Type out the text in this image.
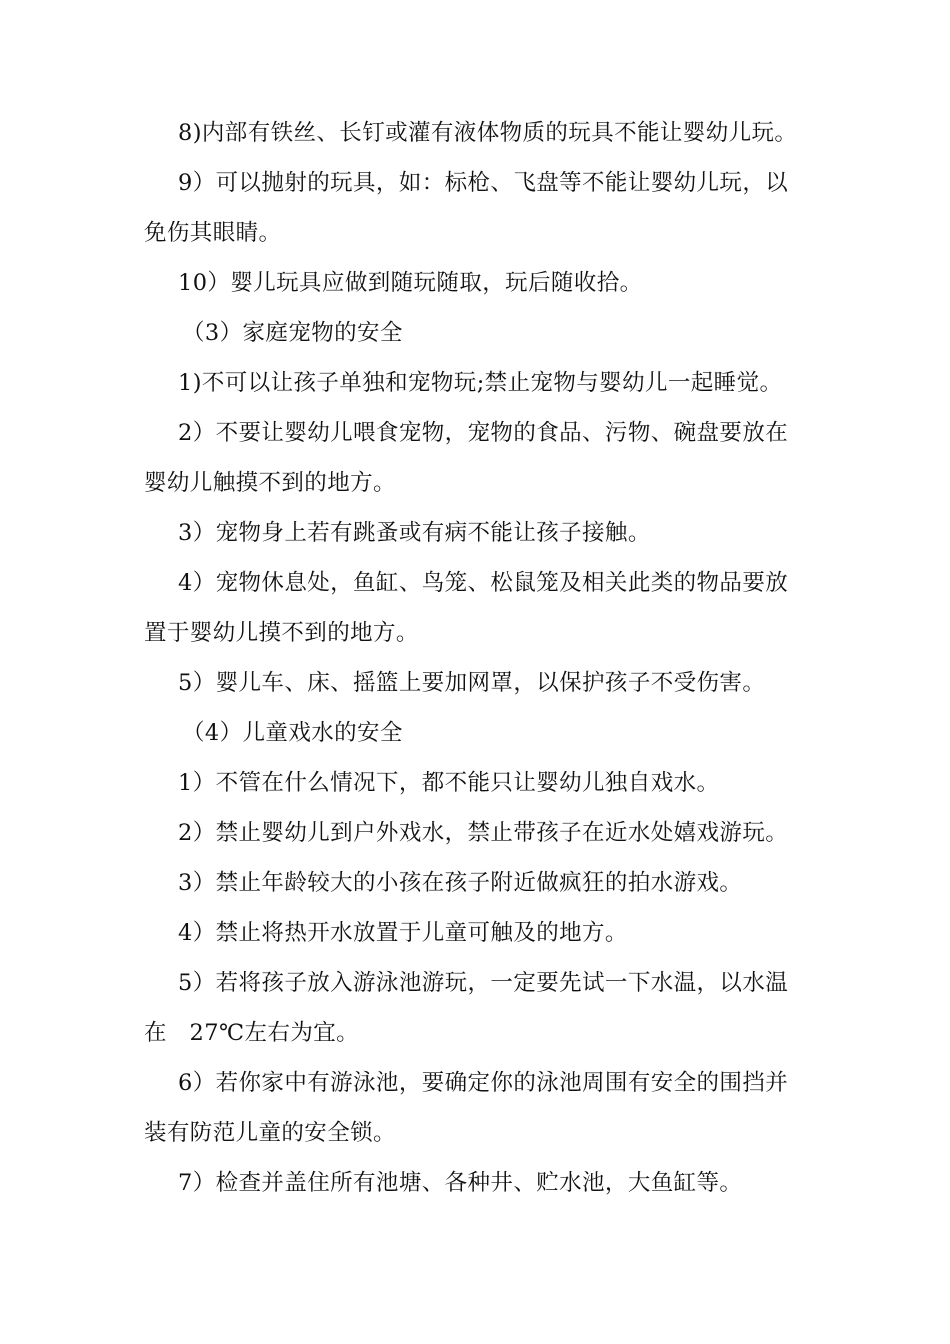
8)内部有铁丝、长钉或灌有液体物质的玩具不能让婴幼儿玩。
9）可以抛射的玩具，如：标枪、飞盘等不能让婴幼儿玩，以
免伤其眼睛。
10）婴儿玩具应做到随玩随取，玩后随收拾。
（3）家庭宠物的安全
1)不可以让孩子单独和宠物玩;禁止宠物与婴幼儿一起睡觉。
2）不要让婴幼儿喂食宠物，宠物的食品、污物、碗盘要放在
婴幼儿触摸不到的地方。
3）宠物身上若有跳蚤或有病不能让孩子接触。
4）宠物休息处，鱼缸、鸟笼、松鼠笼及相关此类的物品要放
置于婴幼儿摸不到的地方。
5）婴儿车、床、摇篮上要加网罩，以保护孩子不受伤害。
（4）儿童戏水的安全
1）不管在什么情况下，都不能只让婴幼儿独自戏水。
2）禁止婴幼儿到户外戏水，禁止带孩子在近水处嬉戏游玩。
3）禁止年龄较大的小孩在孩子附近做疯狂的拍水游戏。
4）禁止将热开水放置于儿童可触及的地方。
5）若将孩子放入游泳池游玩，一定要先试一下水温，以水温
在   27℃左右为宜。
6）若你家中有游泳池，要确定你的泳池周围有安全的围挡并
装有防范儿童的安全锁。
7）检查并盖住所有池塘、各种井、贮水池，大鱼缸等。
